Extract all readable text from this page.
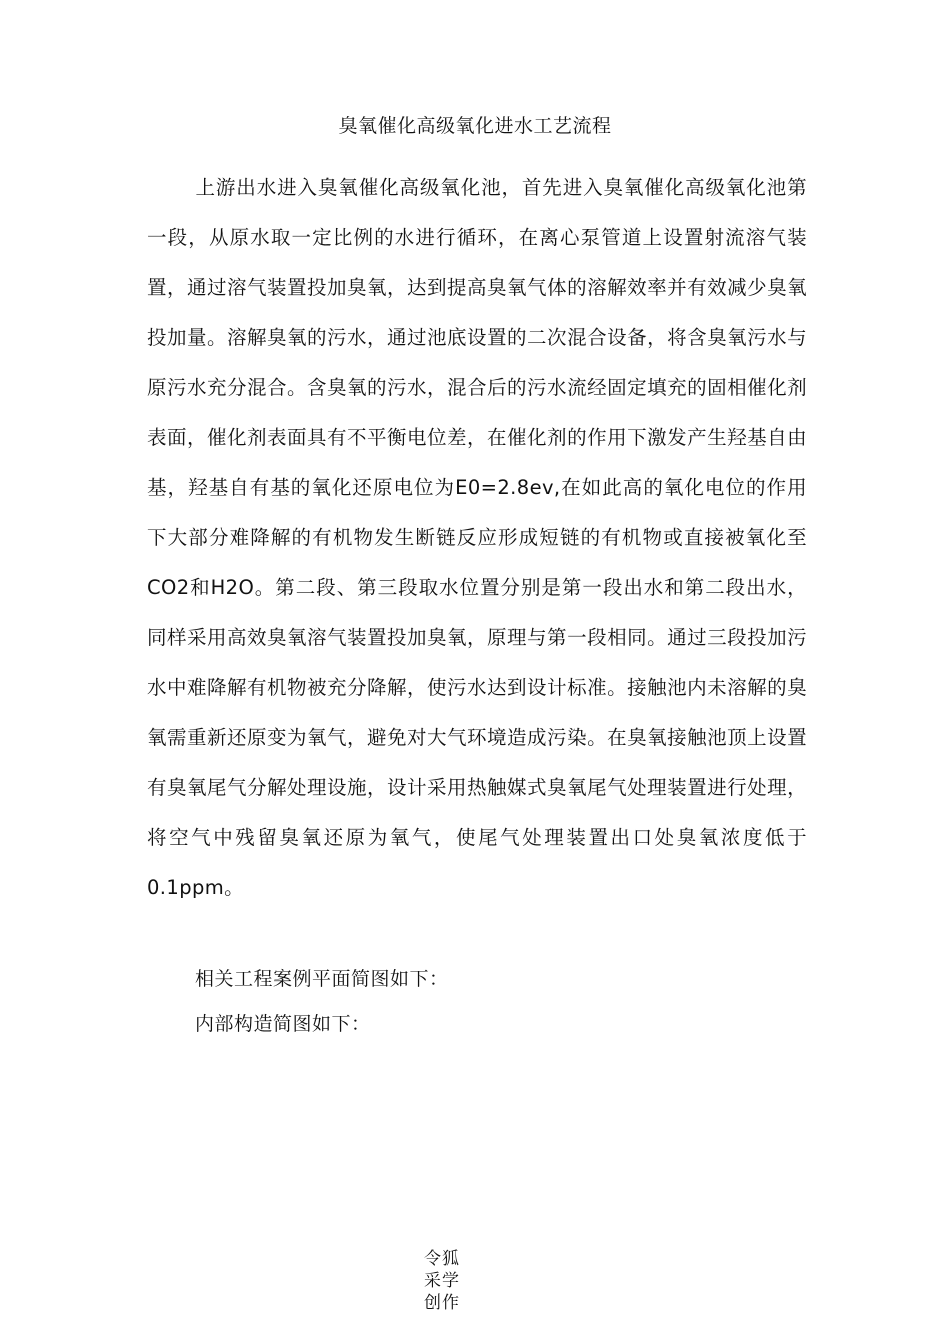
臭氧催化高级氧化进水工艺流程
上游出水进入臭氧催化高级氧化池，首先进入臭氧催化高级氧化池第一段，从原水取一定比例的水进行循环，在离心泵管道上设置射流溶气装置，通过溶气装置投加臭氧，达到提高臭氧气体的溶解效率并有效减少臭氧投加量。溶解臭氧的污水，通过池底设置的二次混合设备，将含臭氧污水与原污水充分混合。含臭氧的污水，混合后的污水流经固定填充的固相催化剂表面，催化剂表面具有不平衡电位差，在催化剂的作用下激发产生羟基自由基，羟基自有基的氧化还原电位为E0=2.8ev,在如此高的氧化电位的作用下大部分难降解的有机物发生断链反应形成短链的有机物或直接被氧化至CO2和H2O。第二段、第三段取水位置分别是第一段出水和第二段出水，同样采用高效臭氧溶气装置投加臭氧，原理与第一段相同。通过三段投加污水中难降解有机物被充分降解，使污水达到设计标准。接触池内未溶解的臭氧需重新还原变为氧气，避免对大气环境造成污染。在臭氧接触池顶上设置有臭氧尾气分解处理设施，设计采用热触媒式臭氧尾气处理装置进行处理，将空气中残留臭氧还原为氧气，使尾气处理装置出口处臭氧浓度低于0.1ppm。
相关工程案例平面简图如下：
内部构造简图如下：
令狐采学创作
